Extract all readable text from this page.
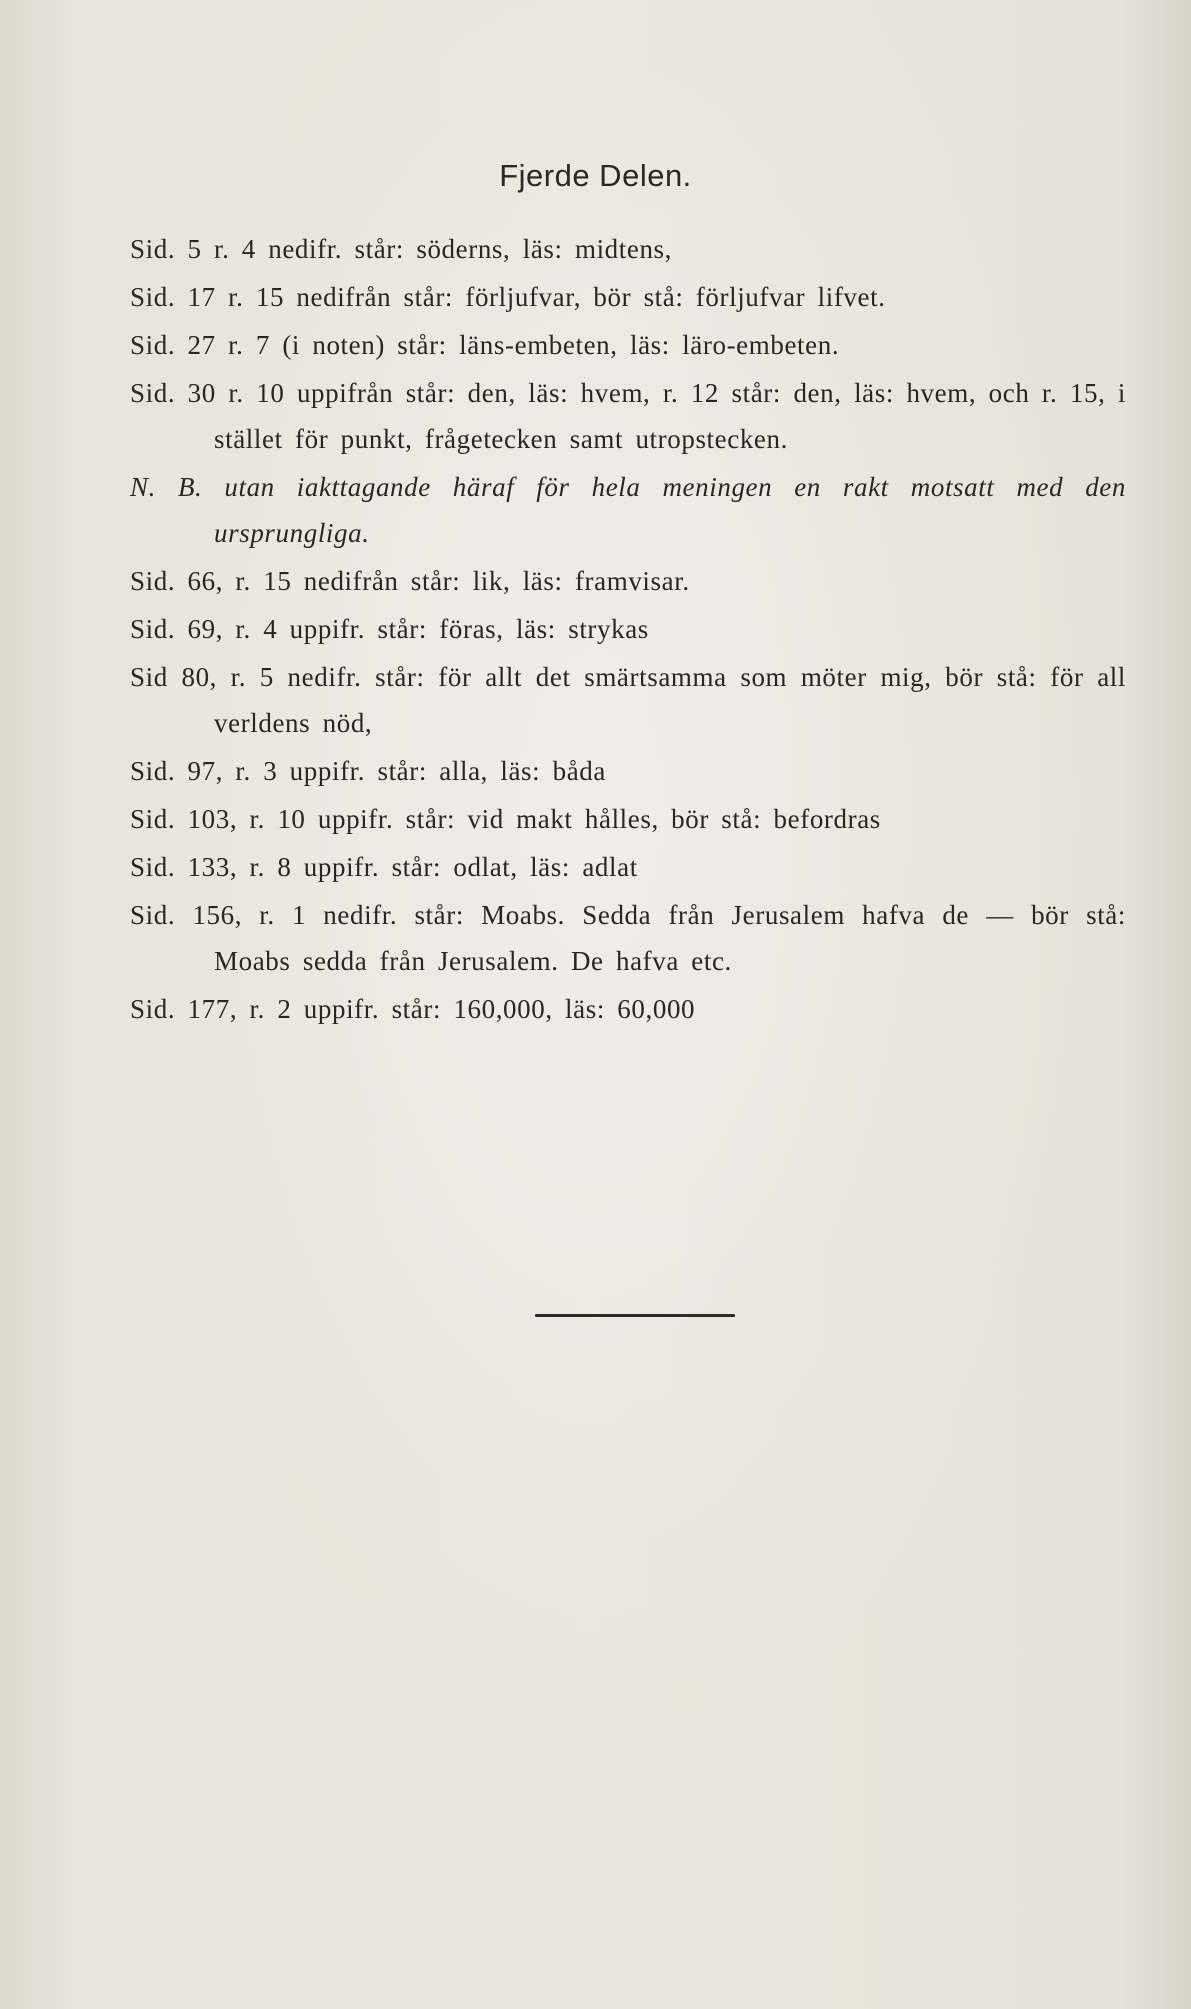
Fjerde Delen.
Sid. 5 r. 4 nedifr. står: söderns, läs: midtens,
Sid. 17 r. 15 nedifrån står: förljufvar, bör stå: förljufvar lifvet.
Sid. 27 r. 7 (i noten) står: läns-embeten, läs: läro-embeten.
Sid. 30 r. 10 uppifrån står: den, läs: hvem, r. 12 står: den, läs: hvem, och r. 15, i stället för punkt, frågetecken samt utropstecken.
N. B. utan iakttagande häraf för hela meningen en rakt motsatt med den ursprungliga.
Sid. 66, r. 15 nedifrån står: lik, läs: framvisar.
Sid. 69, r. 4 uppifr. står: föras, läs: strykas
Sid 80, r. 5 nedifr. står: för allt det smärtsamma som möter mig, bör stå: för all verldens nöd,
Sid. 97, r. 3 uppifr. står: alla, läs: båda
Sid. 103, r. 10 uppifr. står: vid makt hålles, bör stå: befordras
Sid. 133, r. 8 uppifr. står: odlat, läs: adlat
Sid. 156, r. 1 nedifr. står: Moabs. Sedda från Jerusalem hafva de — bör stå: Moabs sedda från Jerusalem. De hafva etc.
Sid. 177, r. 2 uppifr. står: 160,000, läs: 60,000
